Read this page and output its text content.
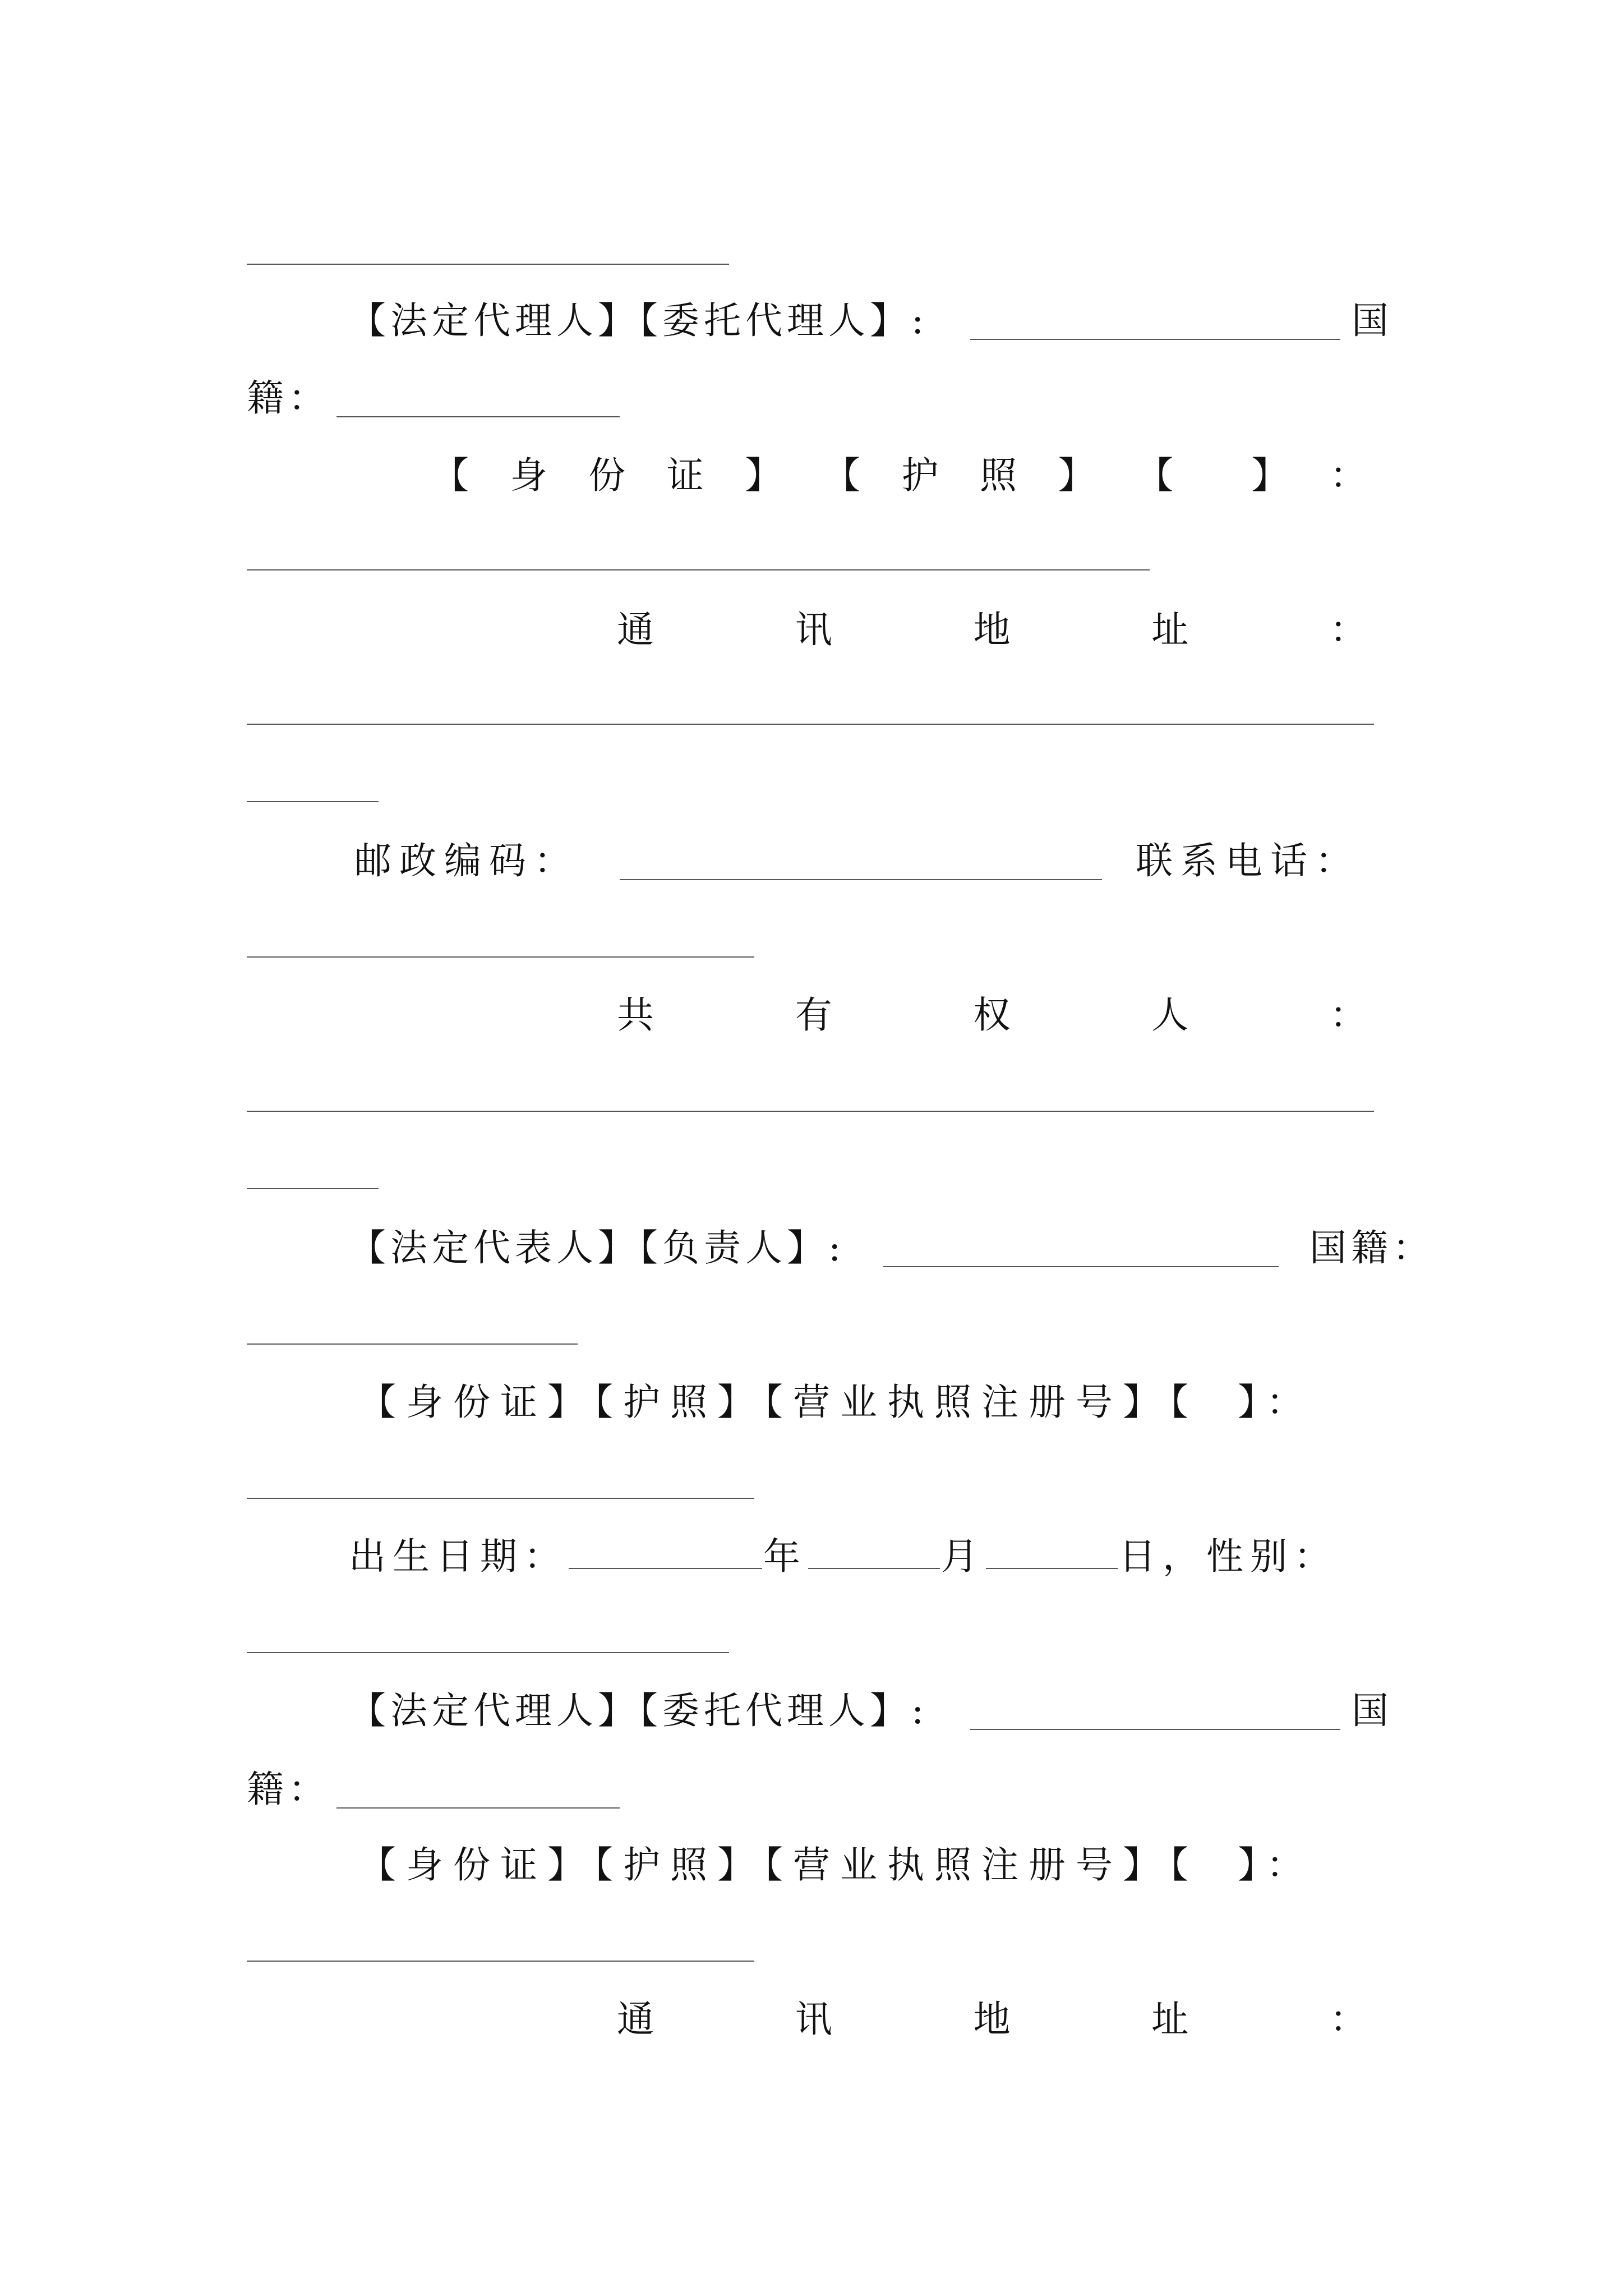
【法定代理人】【委托代理人】:	国
籍：
【 身 份 证 】 【 护 照 】 【 】 ：
通	讯	地	址	：
邮政编码：	联系电话：
共	有	权	人	：
【法定代表人】【负责人】:	国籍：
【身份证】【护照】【营业执照注册号】【 】：
出生日期：	年	月	日，性别：
【法定代理人】【委托代理人】:	国
籍：
【身份证】【护照】【营业执照注册号】【 】：
通	讯	地	址	：
